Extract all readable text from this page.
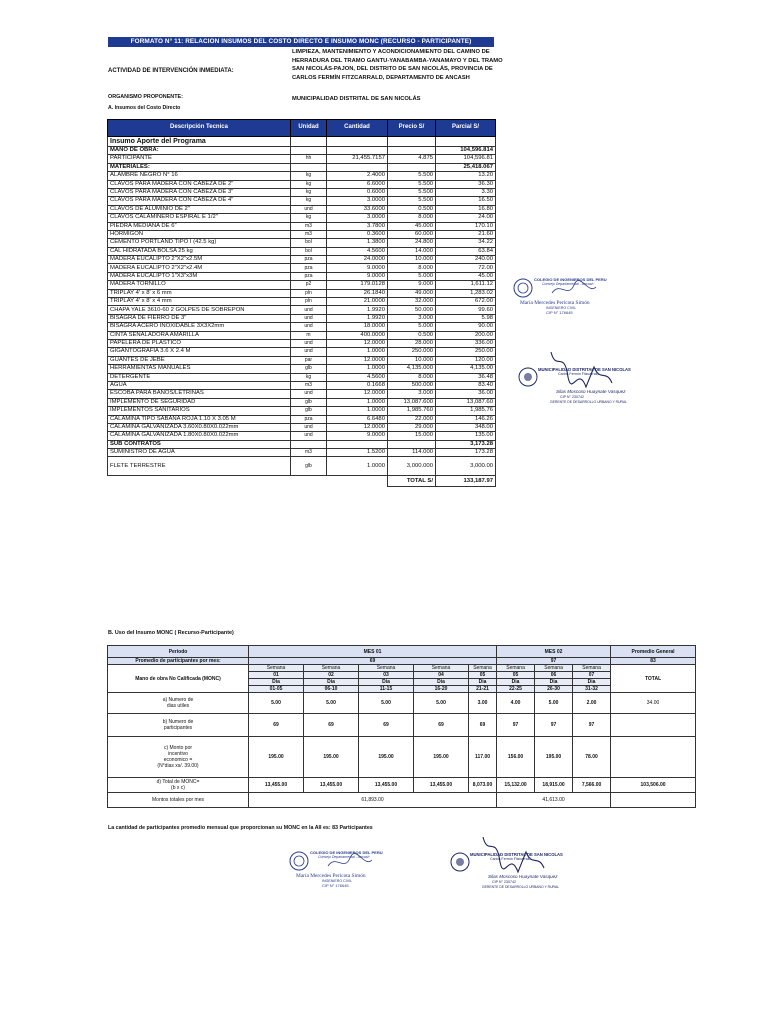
FORMATO N° 11: RELACION INSUMOS DEL COSTO DIRECTO E INSUMO MONC (RECURSO - PARTICIPANTE)
ACTIVIDAD DE INTERVENCIÓN INMEDIATA:
LIMPIEZA, MANTENIMIENTO Y ACONDICIONAMIENTO DEL CAMINO DE HERRADURA DEL TRAMO GANTU-YANABAMBA-YANAMAYO Y DEL TRAMO SAN NICOLÁS-PAJON, DEL DISTRITO DE SAN NICOLÁS, PROVINCIA DE CARLOS FERMÍN FITZCARRALD, DEPARTAMENTO DE ANCASH
ORGANISMO PROPONENTE:	MUNICIPALIDAD DISTRITAL DE SAN NICOLÁS
A. Insumos del Costo Directo
Descripción Tecnica	Unidad	Cantidad	Precio S/	Parcial S/
Insumo Aporte del Programa				
MANO DE OBRA:				104,596.814
PARTICIPANTE	hh	21,455.7157	4.875	104,596.81
MATERIALES:				25,418.067
ALAMBRE NEGRO N° 16	kg	2.4000	5.500	13.20
CLAVOS PARA MADERA CON CABEZA DE 2"	kg	6.6000	5.500	36.30
CLAVOS PARA MADERA CON CABEZA DE 3"	kg	0.6000	5.500	3.30
CLAVOS PARA MADERA CON CABEZA DE 4"	kg	3.0000	5.500	16.50
CLAVOS DE ALUMINIO DE 2"	und	33.6000	0.500	16.80
CLAVOS CALAMINERO ESPIRAL E 1/2"	kg	3.0000	8.000	24.00
PIEDRA MEDIANA DE 6"	m3	3.7800	45.000	170.10
HORMIGON	m3	0.3600	60.000	21.60
CEMENTO PORTLAND TIPO I (42.5 kg)	bol	1.3800	24.800	34.22
CAL HIDRATADA BOLSA 25 kg	bol	4.5600	14.000	63.84
MADERA EUCALIPTO 2"X2"x2.5M	pza	24.0000	10.000	240.00
MADERA EUCALIPTO 2"X2"x2.4M	pza	9.0000	8.000	72.00
MADERA EUCALIPTO 1"X3"x3M	pza	9.0000	5.000	45.00
MADERA TORNILLO	p2	179.0128	9.000	1,611.12
TRIPLAY 4' x 8' x 6 mm	pln	26.1840	49.000	1,283.02
TRIPLAY 4' x 8' x 4 mm	pln	21.0000	32.000	672.00
CHAPA YALE 3610-60 2 GOLPES DE SOBREPON	und	1.9920	50.000	99.60
BISAGRA DE FIERRO DE 3"	und	1.9920	3.000	5.98
BISAGRA ACERO INOXIDABLE 3X3X2mm	und	18.0000	5.000	90.00
CINTA SEÑALADORA AMARILLA	m	400.0000	0.500	200.00
PAPELERA DE PLASTICO	und	12.0000	28.000	336.00
GIGANTOGRAFIA 3.6 X 2.4 M	und	1.0000	250.000	250.00
GUANTES DE JEBE	par	12.0000	10.000	120.00
HERRAMIENTAS MANUALES	glb	1.0000	4,135.000	4,135.00
DETERGENTE	kg	4.5600	8.000	36.48
AGUA	m3	0.1668	500.000	83.40
ESCOBA PARA BAÑOS/LETRINAS	und	12.0000	3.000	36.00
IMPLEMENTO DE SEGURIDAD	glb	1.0000	13,087.600	13,087.60
IMPLEMENTOS SANITARIOS	glb	1.0000	1,985.760	1,985.76
CALAMINA TIPO SABANA ROJA 1.10 X 3.05 M	pza	6.6480	22.000	146.26
CALAMINA GALVANIZADA 3.60X0.80X0.022mm	und	12.0000	29.000	348.00
CALAMINA GALVANIZADA 1.80X0.80X0.022mm	und	9.0000	15.000	135.00
SUB CONTRATOS				3,173.28
SUMINISTRO DE AGUA	m3	1.5200	114.000	173.28
FLETE TERRESTRE	glb	1.0000	3,000.000	3,000.00
			TOTAL S/	133,187.97
COLEGIO DE INGENIEROS DEL PERU
Consejo Departamental - Ancash
María Mercedes Pericota Simón
INGENIERO CIVIL
CIP N° 176645
MUNICIPALIDAD DISTRITAL DE SAN NICOLAS
Carlos Fermín Fitzcarrald
Silas Moscoso Huaynate Vasquez
CIP N° 230742
GERENTE DE DESARROLLO URBANO Y RURAL
B. Uso del Insumo MONC ( Recurso-Participante)
Periodo	MES 01					MES 02			Promedio General
Promedio de participantes por mes:	69					97			83
Mano de obra No Calificada (MONC)	Semana	Semana	Semana	Semana	Semana	Semana	Semana	Semana	TOTAL
	01	02	03	04	05	05	06	07	
	Dia	Dia	Dia	Dia	Dia	Dia	Dia	Dia	
	01-05	06-10	11-15	16-20	21-21	22-25	26-30	31-32	

a) Numero de
dias utiles	5.00	5.00	5.00	5.00	3.00	4.00	5.00	2.00	34.00

b) Numero de
participantes	69	69	69	69	69	97	97	97	

c) Monto por
incentivo
economico =
(N°dias xs/. 39.00)	195.00	195.00	195.00	195.00	117.00	156.00	195.00	78.00	

d) Total de MONC=
(b x c)	13,455.00	13,455.00	13,455.00	13,455.00	8,073.00	15,132.00	18,915.00	7,566.00	103,506.00
Montos totales por mes	61,893.00					41,613.00			
La cantidad de participantes promedio mensual que proporcionan su MONC en la AII es: 83 Participantes
COLEGIO DE INGENIEROS DEL PERU
Consejo Departamental - Ancash
María Mercedes Pericota Simón
INGENIERO CIVIL
CIP N° 176645
MUNICIPALIDAD DISTRITAL DE SAN NICOLAS
Carlos Fermín Fitzcarrald
Silas Moscoso Huaynate Vasquez
CIP N° 230742
GERENTE DE DESARROLLO URBANO Y RURAL
